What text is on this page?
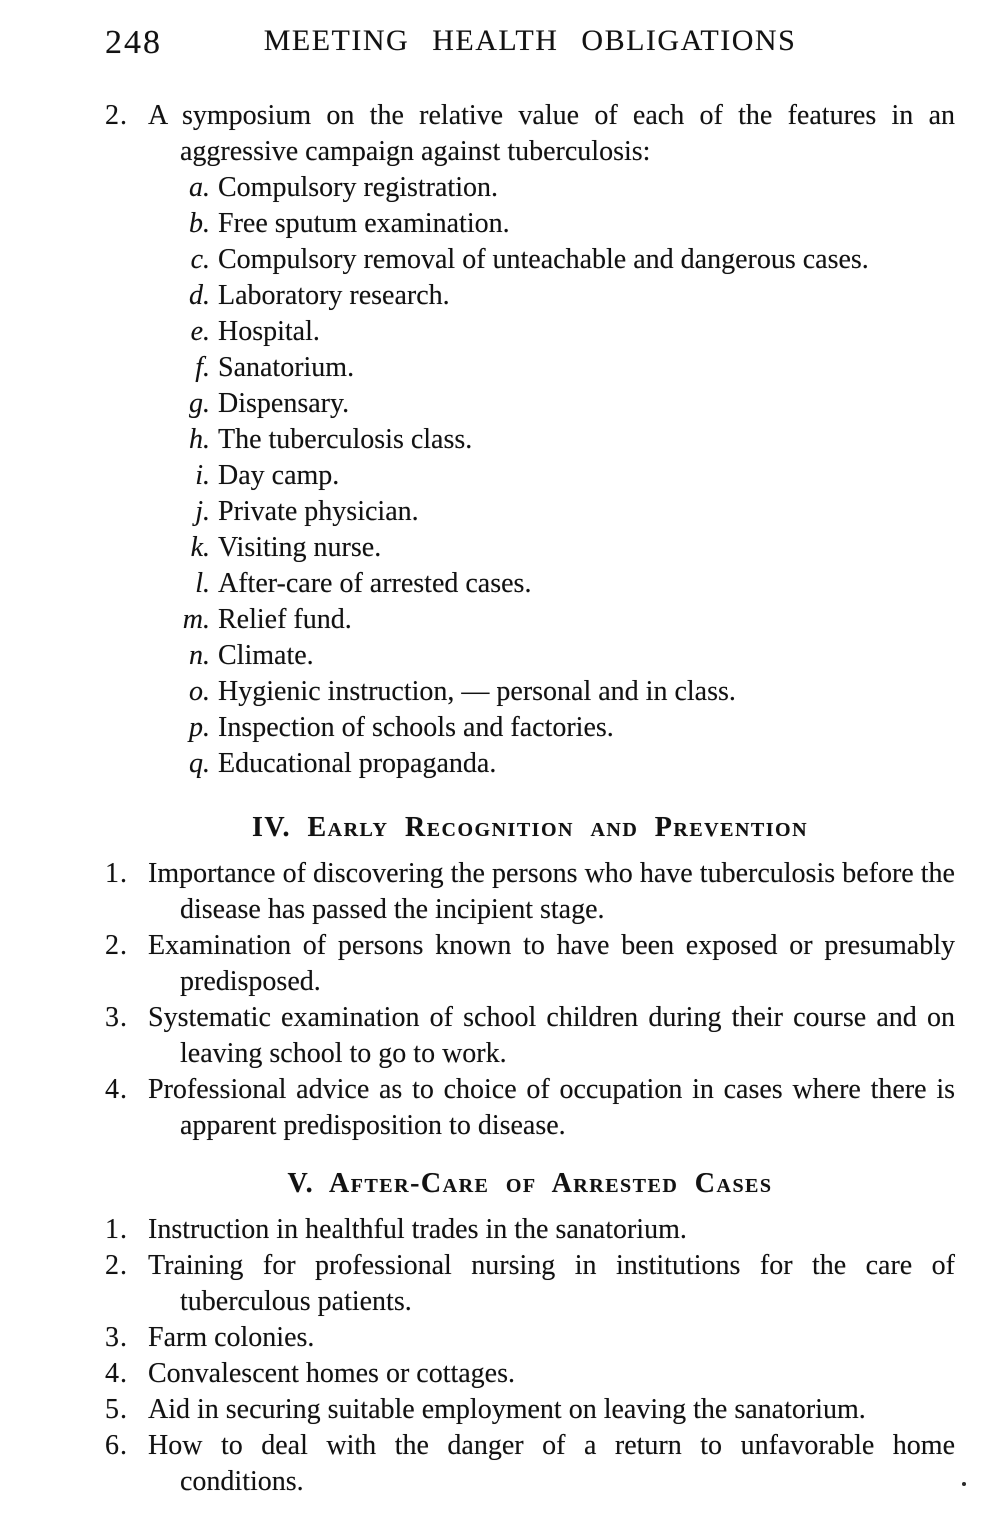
248	MEETING HEALTH OBLIGATIONS

2. A symposium on the relative value of each of the features in an aggressive campaign against tuberculosis:

a. Compulsory registration.

b. Free sputum examination.

c. Compulsory removal of unteachable and dangerous cases.

d. Laboratory research.

e. Hospital.

f. Sanatorium.

g. Dispensary.

h. The tuberculosis class.

i. Day camp.

j. Private physician.

k. Visiting nurse.

l. After-care of arrested cases.

m. Relief fund.

n. Climate.

o. Hygienic instruction, — personal and in class.

p. Inspection of schools and factories.

q. Educational propaganda.

IV. Early Recognition and Prevention

1. Importance of discovering the persons who have tuberculosis before the disease has passed the incipient stage.

2. Examination of persons known to have been exposed or presumably predisposed.

3. Systematic examination of school children during their course and on leaving school to go to work.

4. Professional advice as to choice of occupation in cases where there is apparent predisposition to disease.

V. After-Care of Arrested Cases

1. Instruction in healthful trades in the sanatorium.

2. Training for professional nursing in institutions for the care of tuberculous patients.

3. Farm colonies.

4. Convalescent homes or cottages.

5. Aid in securing suitable employment on leaving the sanatorium.

6. How to deal with the danger of a return to unfavorable home conditions.
